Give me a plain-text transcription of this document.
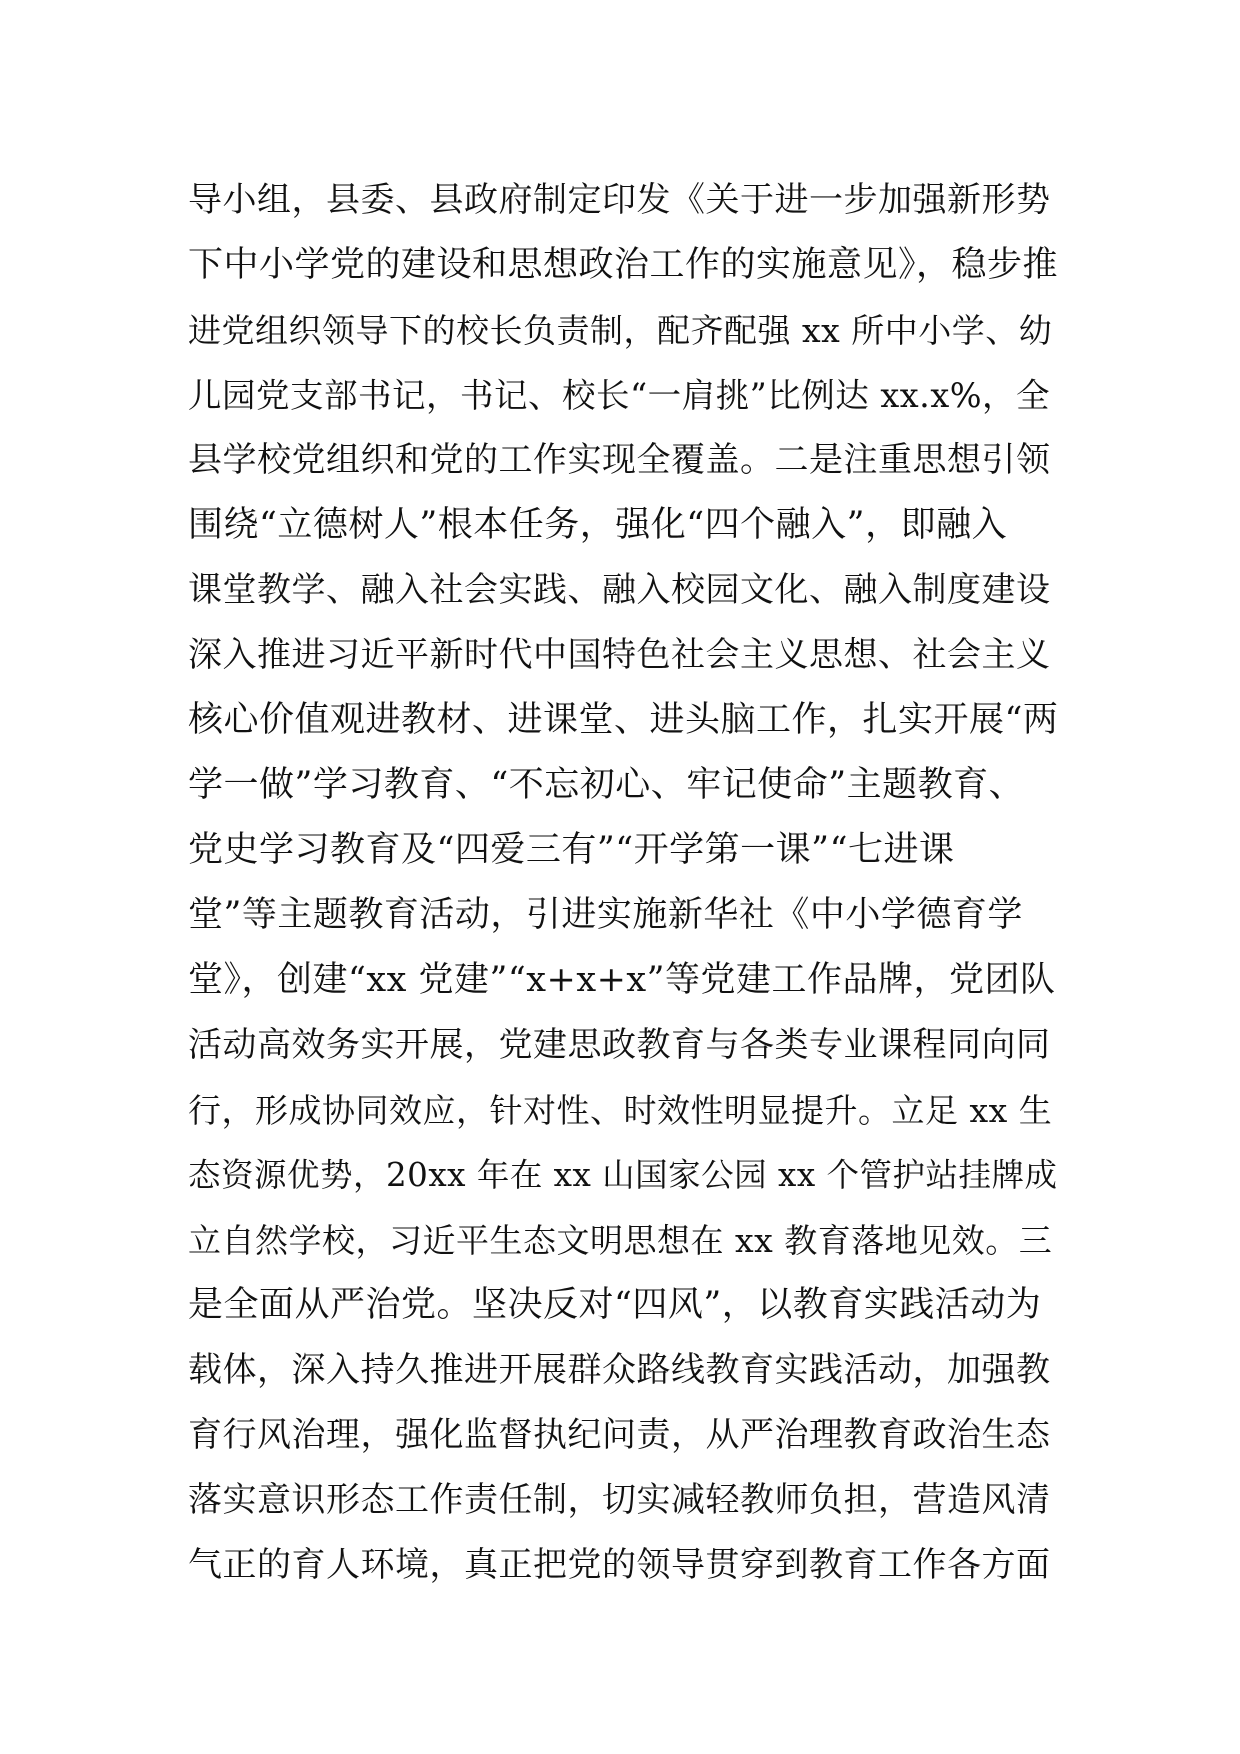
导小组，县委、县政府制定印发《关于进一步加强新形势
下中小学党的建设和思想政治工作的实施意见》，稳步推
进党组织领导下的校长负责制，配齐配强 xx 所中小学、幼
儿园党支部书记，书记、校长“一肩挑”比例达 xx.x%，全
县学校党组织和党的工作实现全覆盖。二是注重思想引领
围绕“立德树人”根本任务，强化“四个融入”，即融入
课堂教学、融入社会实践、融入校园文化、融入制度建设
深入推进习近平新时代中国特色社会主义思想、社会主义
核心价值观进教材、进课堂、进头脑工作，扎实开展“两
学一做”学习教育、“不忘初心、牢记使命”主题教育、
党史学习教育及“四爱三有”“开学第一课”“七进课
堂”等主题教育活动，引进实施新华社《中小学德育学
堂》，创建“xx 党建”“x+x+x”等党建工作品牌，党团队
活动高效务实开展，党建思政教育与各类专业课程同向同
行，形成协同效应，针对性、时效性明显提升。立足 xx 生
态资源优势，20xx 年在 xx 山国家公园 xx 个管护站挂牌成
立自然学校，习近平生态文明思想在 xx 教育落地见效。三
是全面从严治党。坚决反对“四风”，以教育实践活动为
载体，深入持久推进开展群众路线教育实践活动，加强教
育行风治理，强化监督执纪问责，从严治理教育政治生态
落实意识形态工作责任制，切实减轻教师负担，营造风清
气正的育人环境，真正把党的领导贯穿到教育工作各方面
